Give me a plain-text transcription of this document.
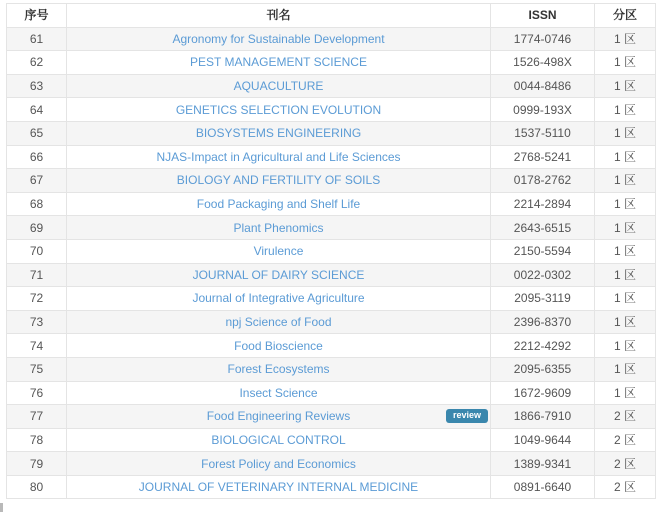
序号	刊名	ISSN	分区
61	Agronomy for Sustainable Development	1774-0746	1 区
62	PEST MANAGEMENT SCIENCE	1526-498X	1 区
63	AQUACULTURE	0044-8486	1 区
64	GENETICS SELECTION EVOLUTION	0999-193X	1 区
65	BIOSYSTEMS ENGINEERING	1537-5110	1 区
66	NJAS-Impact in Agricultural and Life Sciences	2768-5241	1 区
67	BIOLOGY AND FERTILITY OF SOILS	0178-2762	1 区
68	Food Packaging and Shelf Life	2214-2894	1 区
69	Plant Phenomics	2643-6515	1 区
70	Virulence	2150-5594	1 区
71	JOURNAL OF DAIRY SCIENCE	0022-0302	1 区
72	Journal of Integrative Agriculture	2095-3119	1 区
73	npj Science of Food	2396-8370	1 区
74	Food Bioscience	2212-4292	1 区
75	Forest Ecosystems	2095-6355	1 区
76	Insect Science	1672-9609	1 区
77	Food Engineering Reviews review	1866-7910	2 区
78	BIOLOGICAL CONTROL	1049-9644	2 区
79	Forest Policy and Economics	1389-9341	2 区
80	JOURNAL OF VETERINARY INTERNAL MEDICINE	0891-6640	2 区
